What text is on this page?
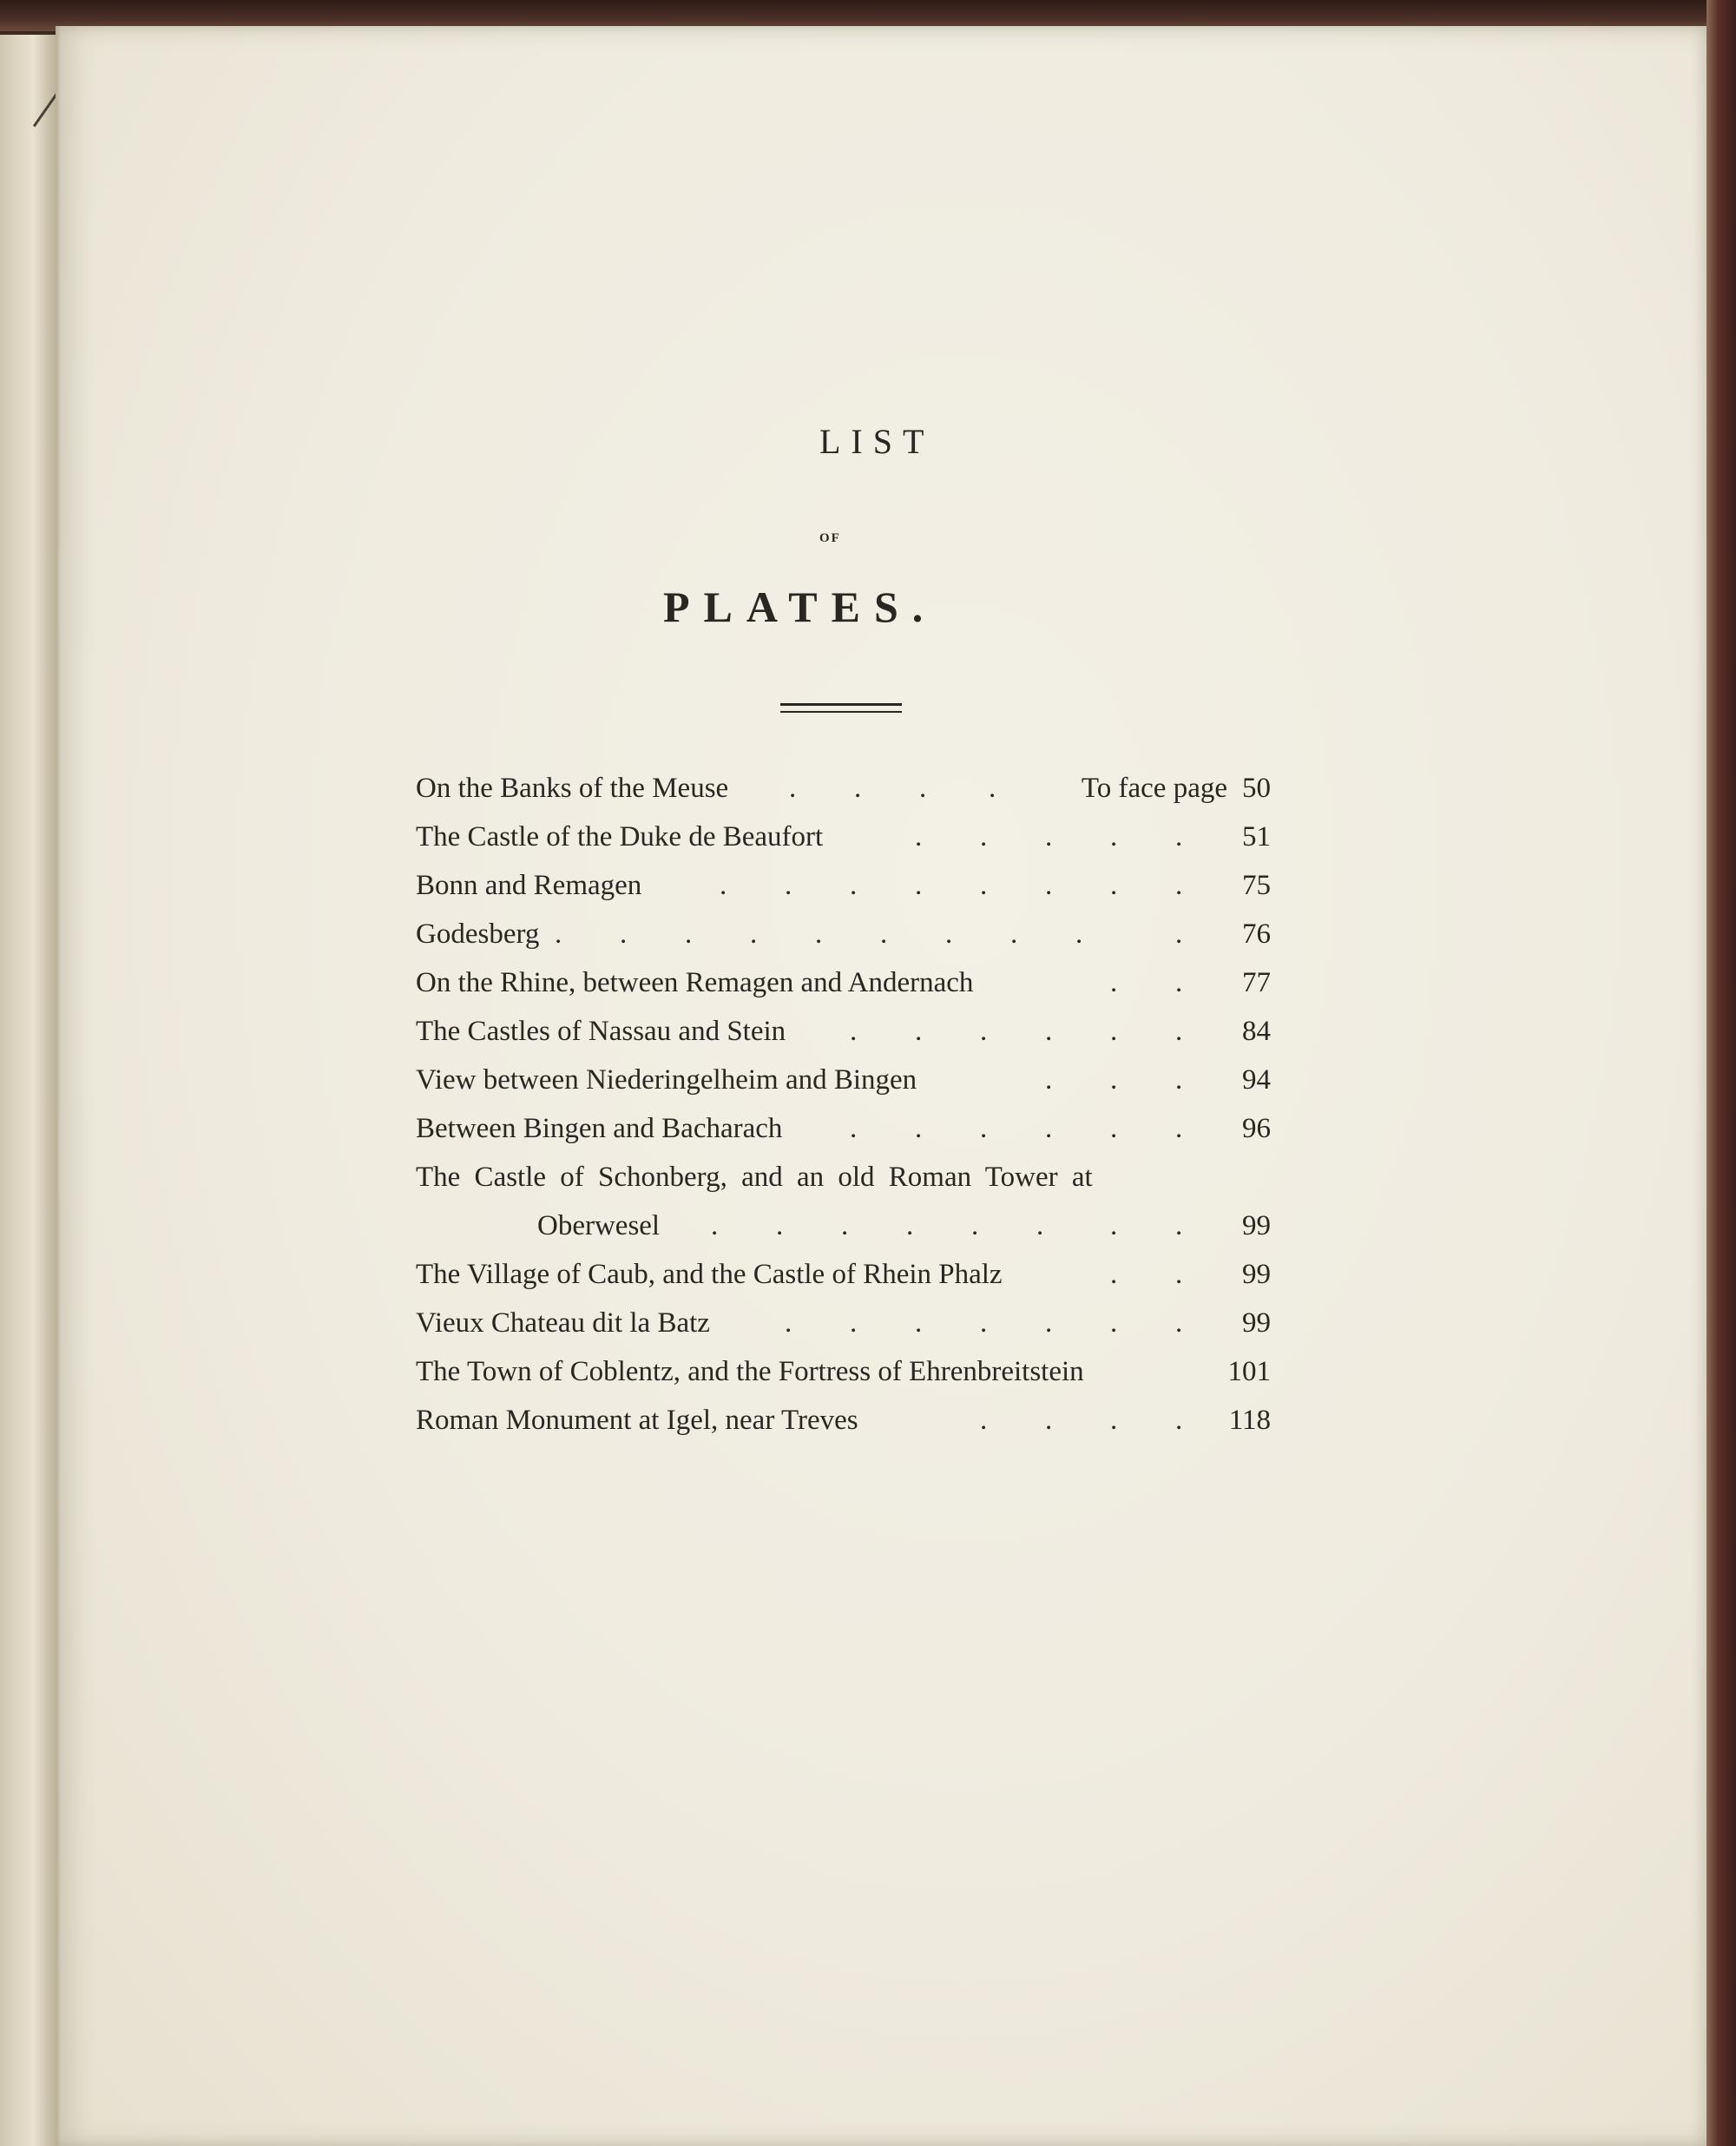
LIST
OF
PLATES.
On the Banks of the Meuse . . . .	To face page 50
The Castle of the Duke de Beaufort	. . . . . 51
Bonn and Remagen	. . . . . . . . 75
Godesberg . . . . . . . . .	. 76
On the Rhine, between Remagen and Andernach	. . 77
The Castles of Nassau and Stein . . . . . . 84
View between Niederingelheim and Bingen	. . . 94
Between Bingen and Bacharach . . . . . . 96
The Castle of Schonberg, and an old Roman Tower at
Oberwesel . . . . . . . . 99
The Village of Caub, and the Castle of Rhein Phalz	. . 99
Vieux Chateau dit la Batz	. . . . . . . 99
The Town of Coblentz, and the Fortress of Ehrenbreitstein	101
Roman Monument at Igel, near Treves	. . . . 118
